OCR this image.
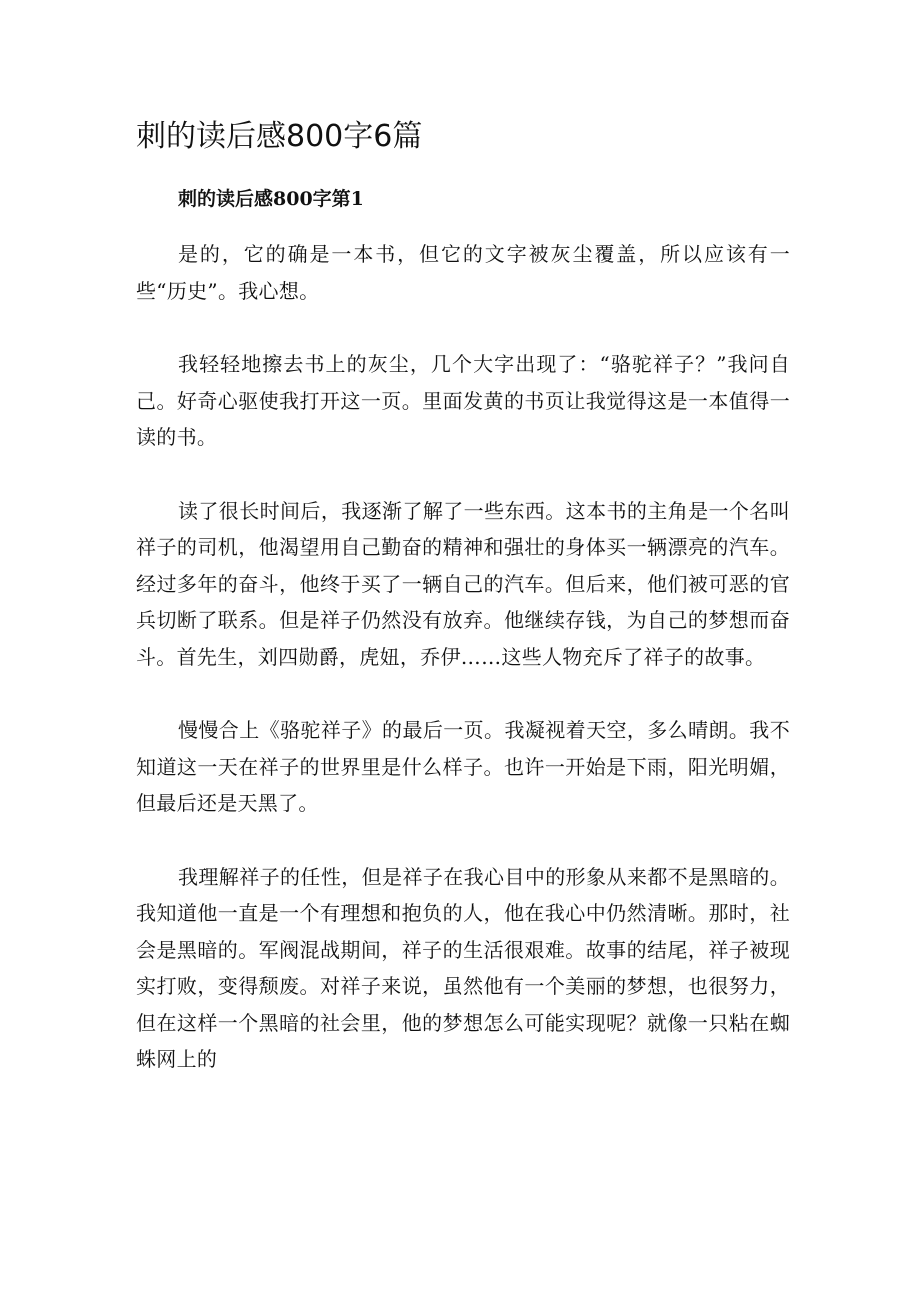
刺的读后感800字6篇
刺的读后感800字第1

是的，它的确是一本书，但它的文字被灰尘覆盖，所以应该有一些“历史”。我心想。

我轻轻地擦去书上的灰尘，几个大字出现了：“骆驼祥子？”我问自己。好奇心驱使我打开这一页。里面发黄的书页让我觉得这是一本值得一读的书。

读了很长时间后，我逐渐了解了一些东西。这本书的主角是一个名叫祥子的司机，他渴望用自己勤奋的精神和强壮的身体买一辆漂亮的汽车。经过多年的奋斗，他终于买了一辆自己的汽车。但后来，他们被可恶的官兵切断了联系。但是祥子仍然没有放弃。他继续存钱，为自己的梦想而奋斗。首先生，刘四勋爵，虎妞，乔伊……这些人物充斥了祥子的故事。

慢慢合上《骆驼祥子》的最后一页。我凝视着天空，多么晴朗。我不知道这一天在祥子的世界里是什么样子。也许一开始是下雨，阳光明媚，但最后还是天黑了。

我理解祥子的任性，但是祥子在我心目中的形象从来都不是黑暗的。我知道他一直是一个有理想和抱负的人，他在我心中仍然清晰。那时，社会是黑暗的。军阀混战期间，祥子的生活很艰难。故事的结尾，祥子被现实打败，变得颓废。对祥子来说，虽然他有一个美丽的梦想，也很努力，但在这样一个黑暗的社会里，他的梦想怎么可能实现呢？就像一只粘在蜘蛛网上的
